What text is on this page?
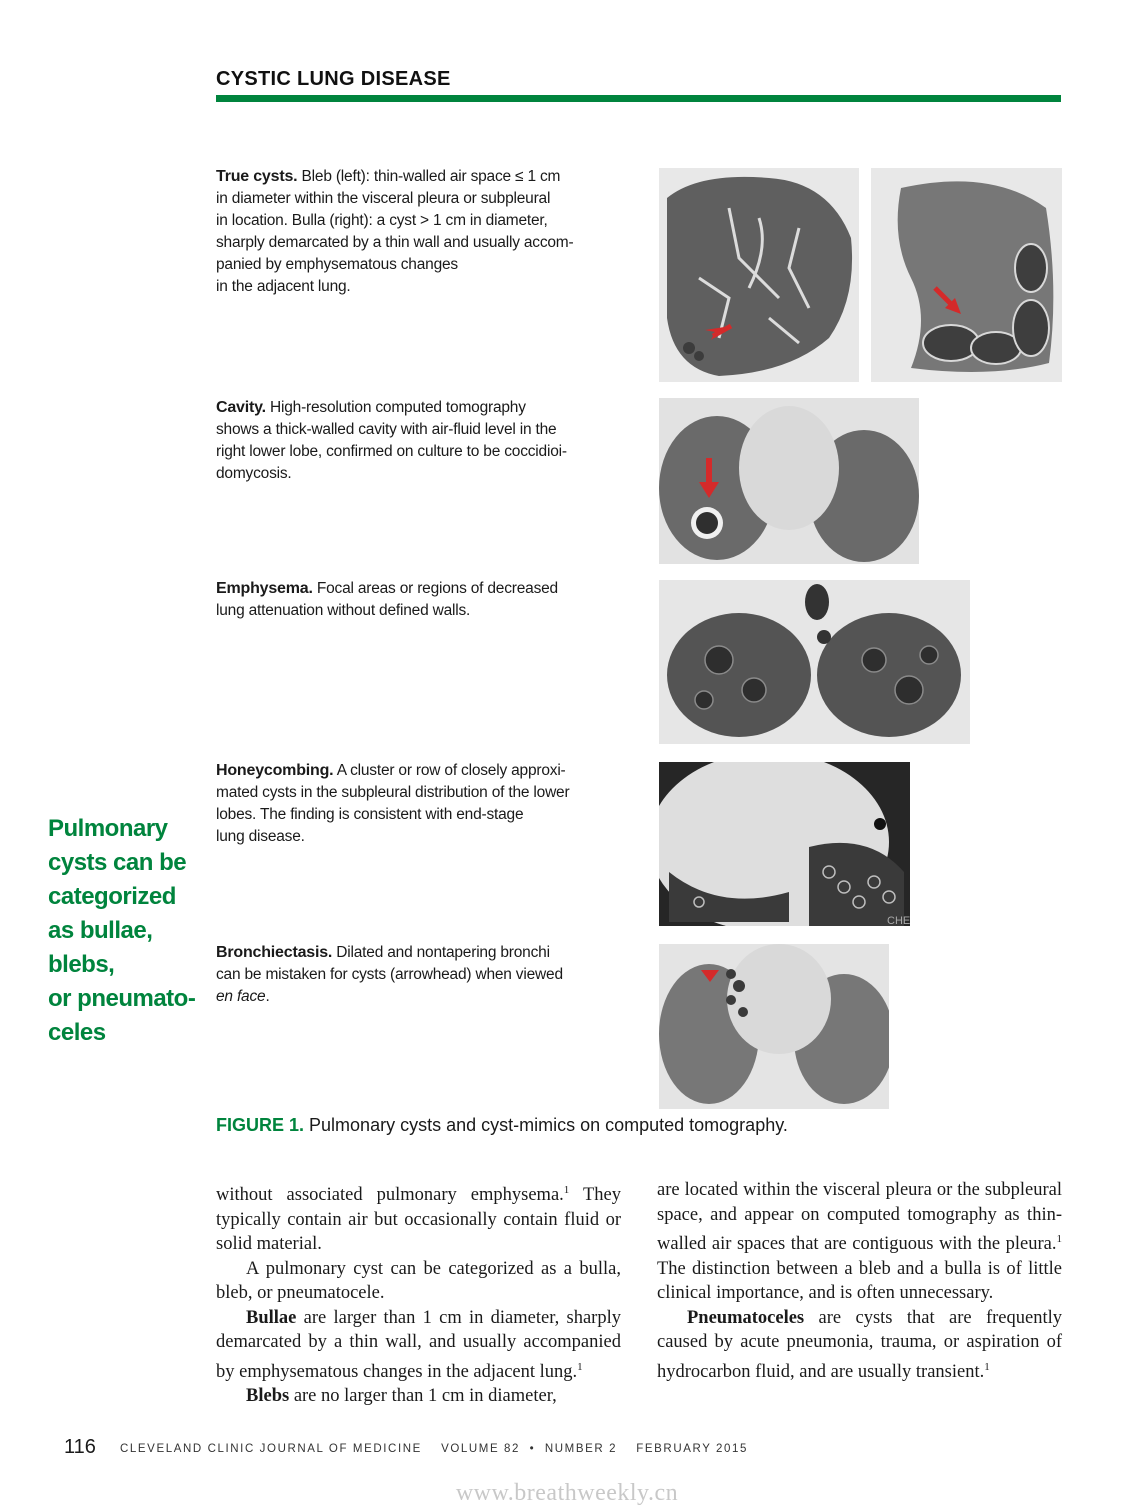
CYSTIC LUNG DISEASE
True cysts. Bleb (left): thin-walled air space ≤ 1 cm
in diameter within the visceral pleura or subpleural
in location. Bulla (right): a cyst > 1 cm in diameter,
sharply demarcated by a thin wall and usually accom-
panied by emphysematous changes
in the adjacent lung.
Cavity. High-resolution computed tomography
shows a thick-walled cavity with air-fluid level in the
right lower lobe, confirmed on culture to be coccidioi-
domycosis.
Emphysema. Focal areas or regions of decreased
lung attenuation without defined walls.
Honeycombing. A cluster or row of closely approxi-
mated cysts in the subpleural distribution of the lower
lobes. The finding is consistent with end-stage
lung disease.
Bronchiectasis. Dilated and nontapering bronchi
can be mistaken for cysts (arrowhead) when viewed
en face.
CHE
Pulmonary
cysts can be
categorized
as bullae,
blebs,
or pneumato-
celes
FIGURE 1. Pulmonary cysts and cyst-mimics on computed tomography.

without associated pulmonary emphysema.$^1$ They typically contain air but occasionally contain fluid or solid material.

A pulmonary cyst can be categorized as a bulla, bleb, or pneumatocele.

Bullae are larger than 1 cm in diameter, sharply demarcated by a thin wall, and usually accompanied by emphysematous changes in the adjacent lung.$^1$

Blebs are no larger than 1 cm in diameter,

are located within the visceral pleura or the subpleural space, and appear on computed tomography as thin-walled air spaces that are contiguous with the pleura.$^1$ The distinction between a bleb and a bulla is of little clinical importance, and is often unnecessary.

Pneumatoceles are cysts that are frequently caused by acute pneumonia, trauma, or aspiration of hydrocarbon fluid, and are usually transient.$^1$

116 CLEVELAND CLINIC JOURNAL OF MEDICINE    VOLUME 82  •  NUMBER 2    FEBRUARY 2015
www.breathweekly.cn
